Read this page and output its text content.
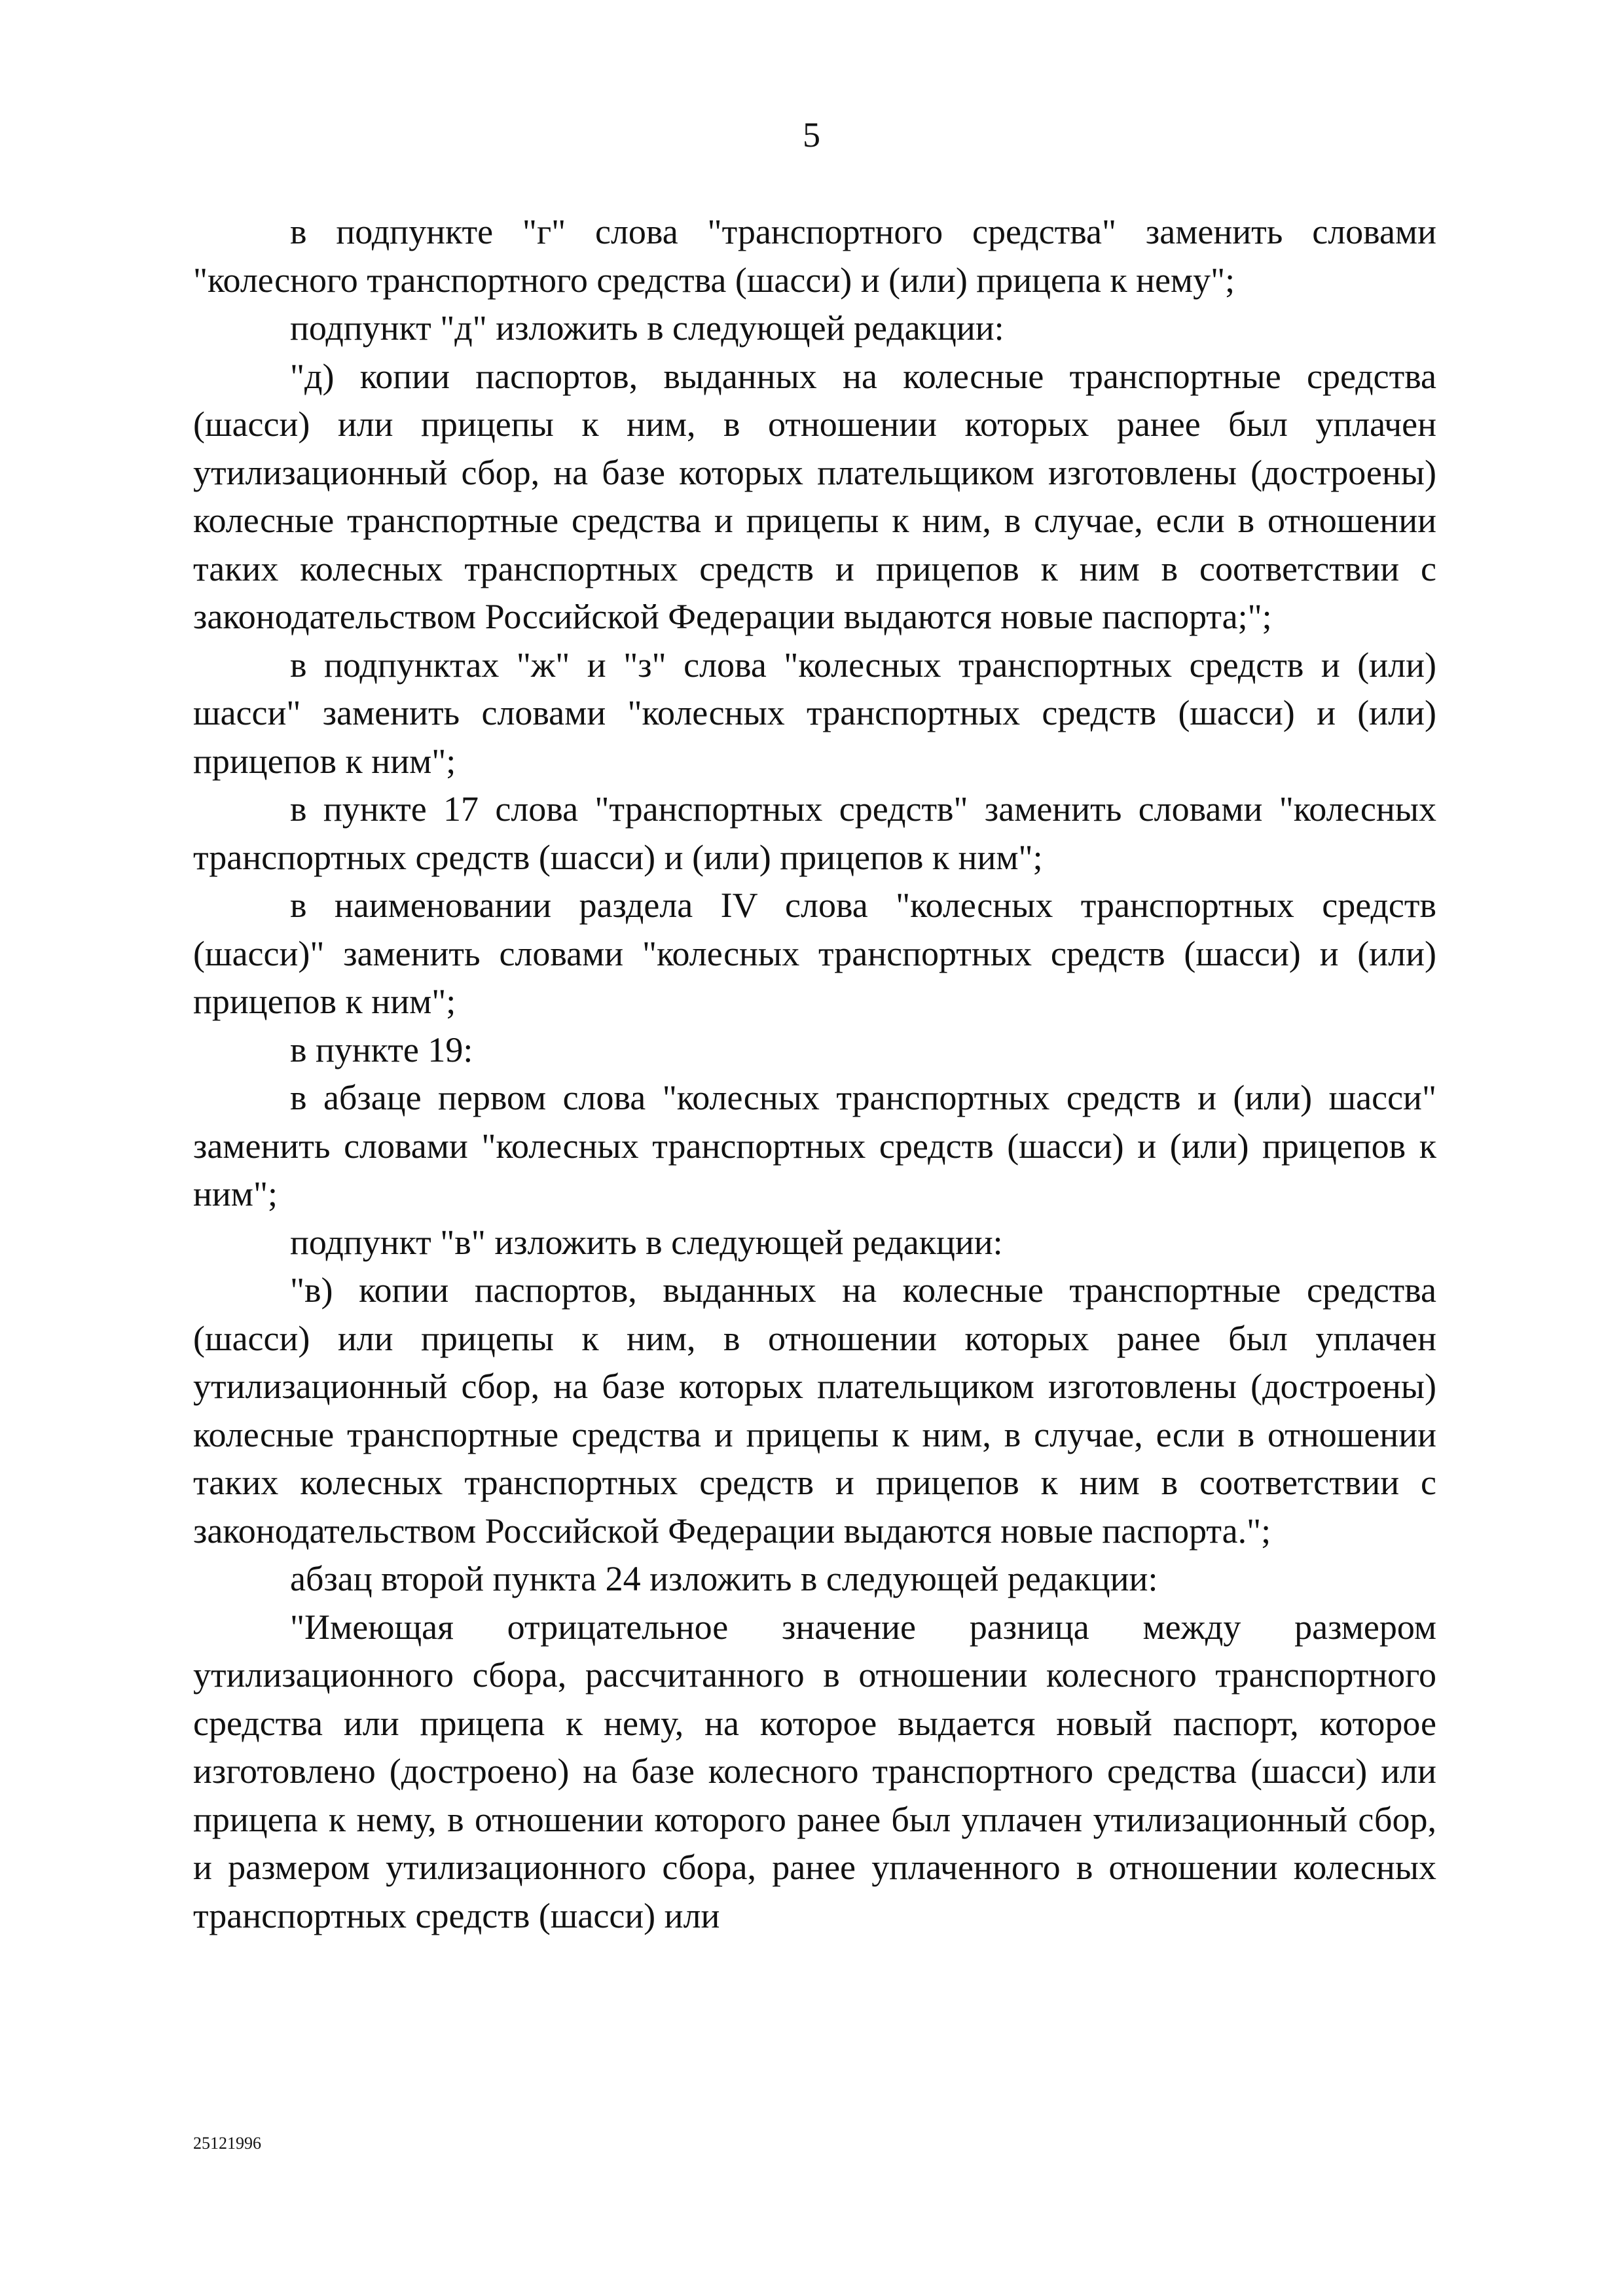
5

в подпункте "г" слова "транспортного средства" заменить словами "колесного транспортного средства (шасси) и (или) прицепа к нему";

подпункт "д" изложить в следующей редакции:

"д) копии паспортов, выданных на колесные транспортные средства (шасси) или прицепы к ним, в отношении которых ранее был уплачен утилизационный сбор, на базе которых плательщиком изготовлены (достроены) колесные транспортные средства и прицепы к ним, в случае, если в отношении таких колесных транспортных средств и прицепов к ним в соответствии с законодательством Российской Федерации выдаются новые паспорта;";

в подпунктах "ж" и "з" слова "колесных транспортных средств и (или) шасси" заменить словами "колесных транспортных средств (шасси) и (или) прицепов к ним";

в пункте 17 слова "транспортных средств" заменить словами "колесных транспортных средств (шасси) и (или) прицепов к ним";

в наименовании раздела IV слова "колесных транспортных средств (шасси)" заменить словами "колесных транспортных средств (шасси) и (или) прицепов к ним";

в пункте 19:

в абзаце первом слова "колесных транспортных средств и (или) шасси" заменить словами "колесных транспортных средств (шасси) и (или) прицепов к ним";

подпункт "в" изложить в следующей редакции:

"в) копии паспортов, выданных на колесные транспортные средства (шасси) или прицепы к ним, в отношении которых ранее был уплачен утилизационный сбор, на базе которых плательщиком изготовлены (достроены) колесные транспортные средства и прицепы к ним, в случае, если в отношении таких колесных транспортных средств и прицепов к ним в соответствии с законодательством Российской Федерации выдаются новые паспорта.";

абзац второй пункта 24 изложить в следующей редакции:

"Имеющая отрицательное значение разница между размером утилизационного сбора, рассчитанного в отношении колесного транспортного средства или прицепа к нему, на которое выдается новый паспорт, которое изготовлено (достроено) на базе колесного транспортного средства (шасси) или прицепа к нему, в отношении которого ранее был уплачен утилизационный сбор, и размером утилизационного сбора, ранее уплаченного в отношении колесных транспортных средств (шасси) или

25121996
